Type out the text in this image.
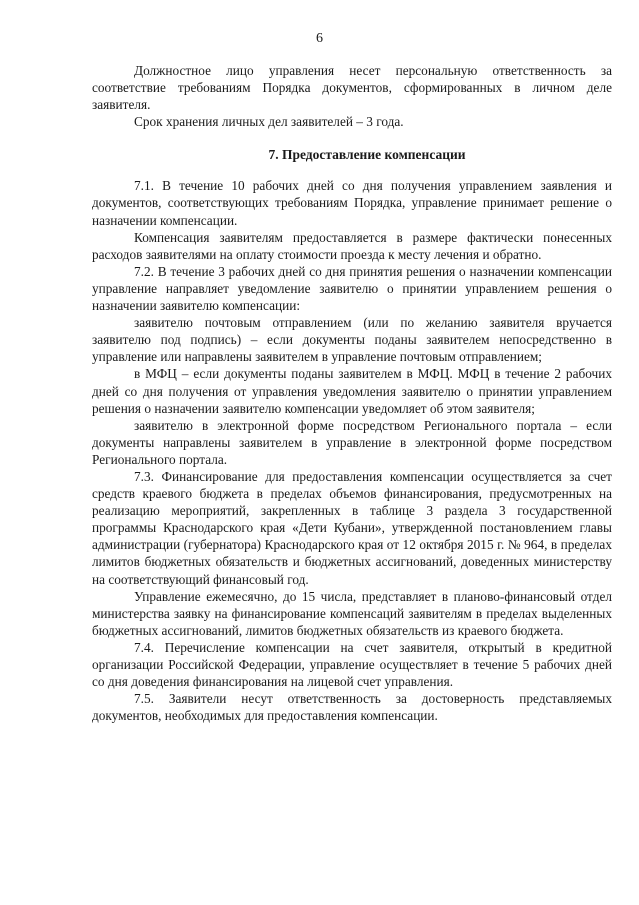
6

Должностное лицо управления несет персональную ответственность за соответствие требованиям Порядка документов, сформированных в личном деле заявителя.

Срок хранения личных дел заявителей – 3 года.

7. Предоставление компенсации

7.1. В течение 10 рабочих дней со дня получения управлением заявления и документов, соответствующих требованиям Порядка, управление принимает решение о назначении компенсации.

Компенсация заявителям предоставляется в размере фактически понесенных расходов заявителями на оплату стоимости проезда к месту лечения и обратно.

7.2. В течение 3 рабочих дней со дня принятия решения о назначении компенсации управление направляет уведомление заявителю о принятии управлением решения о назначении заявителю компенсации:

заявителю почтовым отправлением (или по желанию заявителя вручается заявителю под подпись) – если документы поданы заявителем непосредственно в управление или направлены заявителем в управление почтовым отправлением;

в МФЦ – если документы поданы заявителем в МФЦ. МФЦ в течение 2 рабочих дней со дня получения от управления уведомления заявителю о принятии управлением решения о назначении заявителю компенсации уведомляет об этом заявителя;

заявителю в электронной форме посредством Регионального портала – если документы направлены заявителем в управление в электронной форме посредством Регионального портала.

7.3. Финансирование для предоставления компенсации осуществляется за счет средств краевого бюджета в пределах объемов финансирования, предусмотренных на реализацию мероприятий, закрепленных в таблице 3 раздела 3 государственной программы Краснодарского края «Дети Кубани», утвержденной постановлением главы администрации (губернатора) Краснодарского края от 12 октября 2015 г. № 964, в пределах лимитов бюджетных обязательств и бюджетных ассигнований, доведенных министерству на соответствующий финансовый год.

Управление ежемесячно, до 15 числа, представляет в планово-финансовый отдел министерства заявку на финансирование компенсаций заявителям в пределах выделенных бюджетных ассигнований, лимитов бюджетных обязательств из краевого бюджета.

7.4. Перечисление компенсации на счет заявителя, открытый в кредитной организации Российской Федерации, управление осуществляет в течение 5 рабочих дней со дня доведения финансирования на лицевой счет управления.

7.5. Заявители несут ответственность за достоверность представляемых документов, необходимых для предоставления компенсации.
